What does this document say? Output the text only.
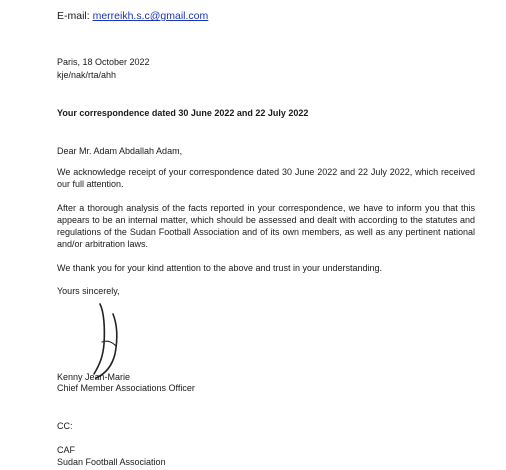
E-mail: merreikh.s.c@gmail.com
Paris, 18 October 2022
kje/nak/rta/ahh
Your correspondence dated 30 June 2022 and 22 July 2022
Dear Mr. Adam Abdallah Adam,
We acknowledge receipt of your correspondence dated 30 June 2022 and 22 July 2022, which received our full attention.
After a thorough analysis of the facts reported in your correspondence, we have to inform you that this appears to be an internal matter, which should be assessed and dealt with according to the statutes and regulations of the Sudan Football Association and of its own members, as well as any pertinent national and/or arbitration laws.
We thank you for your kind attention to the above and trust in your understanding.
Yours sincerely,
Kenny Jean-Marie
Chief Member Associations Officer
CC:
CAF
Sudan Football Association
